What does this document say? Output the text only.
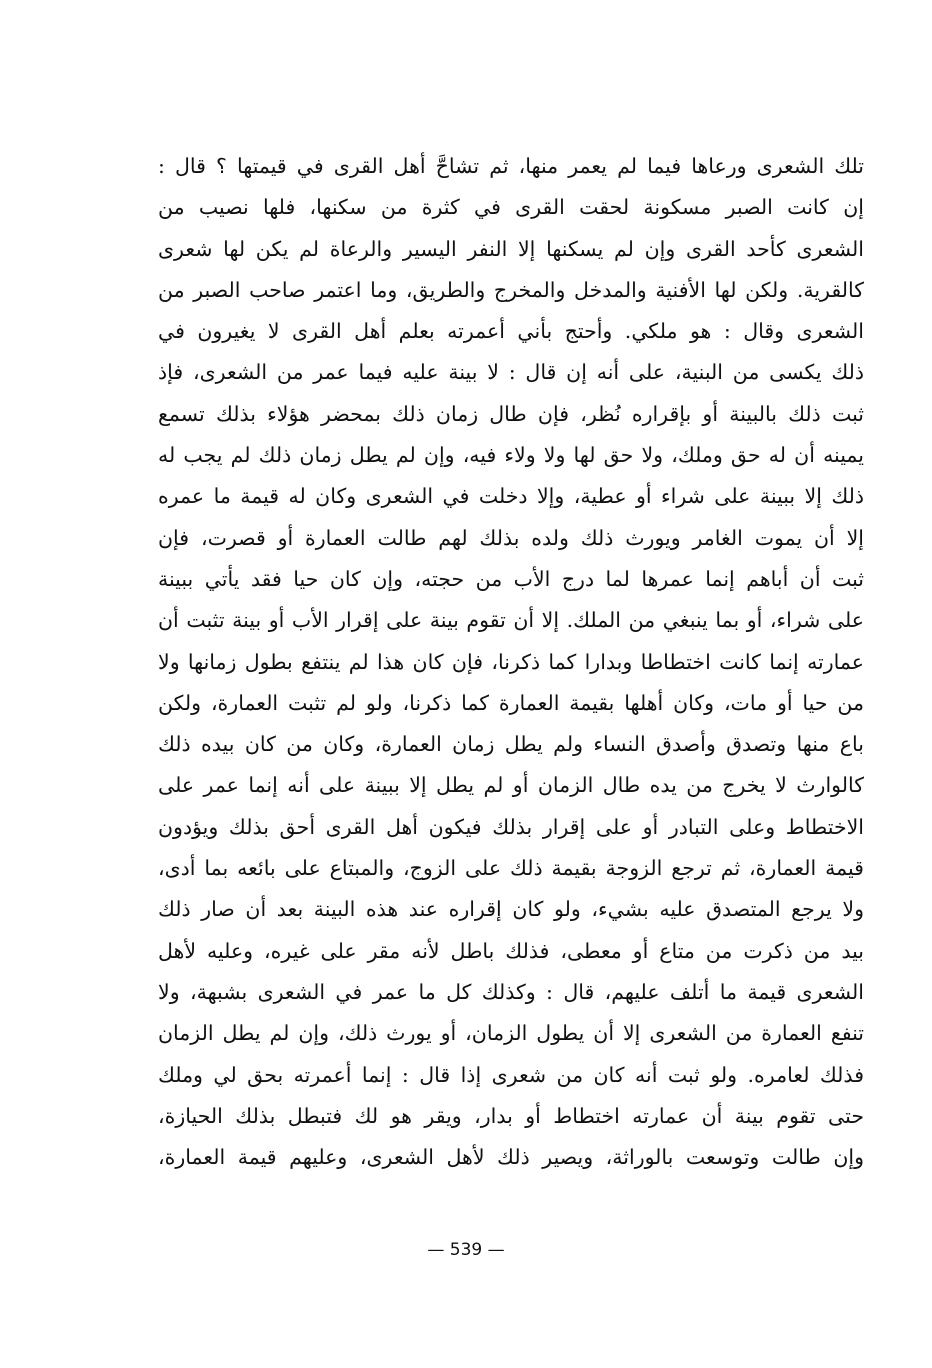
تلك الشعرى ورعاها فيما لم يعمر منها، ثم تشاحَّ أهل القرى في قيمتها ؟ قال :
إن كانت الصبر مسكونة لحقت القرى في كثرة من سكنها، فلها نصيب من
الشعرى كأحد القرى وإن لم يسكنها إلا النفر اليسير والرعاة لم يكن لها شعرى
كالقرية. ولكن لها الأفنية والمدخل والمخرج والطريق، وما اعتمر صاحب الصبر من
الشعرى وقال : هو ملكي. وأحتج بأني أعمرته بعلم أهل القرى لا يغيرون في
ذلك يكسى من البنية، على أنه إن قال : لا بينة عليه فيما عمر من الشعرى، فإذ
ثبت ذلك بالبينة أو بإقراره نُظر، فإن طال زمان ذلك بمحضر هؤلاء بذلك تسمع
يمينه أن له حق وملك، ولا حق لها ولا ولاء فيه، وإن لم يطل زمان ذلك لم يجب له
ذلك إلا ببينة على شراء أو عطية، وإلا دخلت في الشعرى وكان له قيمة ما عمره
إلا أن يموت الغامر ويورث ذلك ولده بذلك لهم طالت العمارة أو قصرت، فإن
ثبت أن أباهم إنما عمرها لما درج الأب من حجته، وإن كان حيا فقد يأتي ببينة
على شراء، أو بما ينبغي من الملك. إلا أن تقوم بينة على إقرار الأب أو بينة تثبت أن
عمارته إنما كانت اختطاطا وبدارا كما ذكرنا، فإن كان هذا لم ينتفع بطول زمانها ولا
من حيا أو مات، وكان أهلها بقيمة العمارة كما ذكرنا، ولو لم تثبت العمارة، ولكن
باع منها وتصدق وأصدق النساء ولم يطل زمان العمارة، وكان من كان بيده ذلك
كالوارث لا يخرج من يده طال الزمان أو لم يطل إلا ببينة على أنه إنما عمر على
الاختطاط وعلى التبادر أو على إقرار بذلك فيكون أهل القرى أحق بذلك ويؤدون
قيمة العمارة، ثم ترجع الزوجة بقيمة ذلك على الزوج، والمبتاع على بائعه بما أدى،
ولا يرجع المتصدق عليه بشيء، ولو كان إقراره عند هذه البينة بعد أن صار ذلك
بيد من ذكرت من متاع أو معطى، فذلك باطل لأنه مقر على غيره، وعليه لأهل
الشعرى قيمة ما أتلف عليهم، قال : وكذلك كل ما عمر في الشعرى بشبهة، ولا
تنفع العمارة من الشعرى إلا أن يطول الزمان، أو يورث ذلك، وإن لم يطل الزمان
فذلك لعامره. ولو ثبت أنه كان من شعرى إذا قال : إنما أعمرته بحق لي وملك
حتى تقوم بينة أن عمارته اختطاط أو بدار، ويقر هو لك فتبطل بذلك الحيازة،
وإن طالت وتوسعت بالوراثة، ويصير ذلك لأهل الشعرى، وعليهم قيمة العمارة،
— 539 —
